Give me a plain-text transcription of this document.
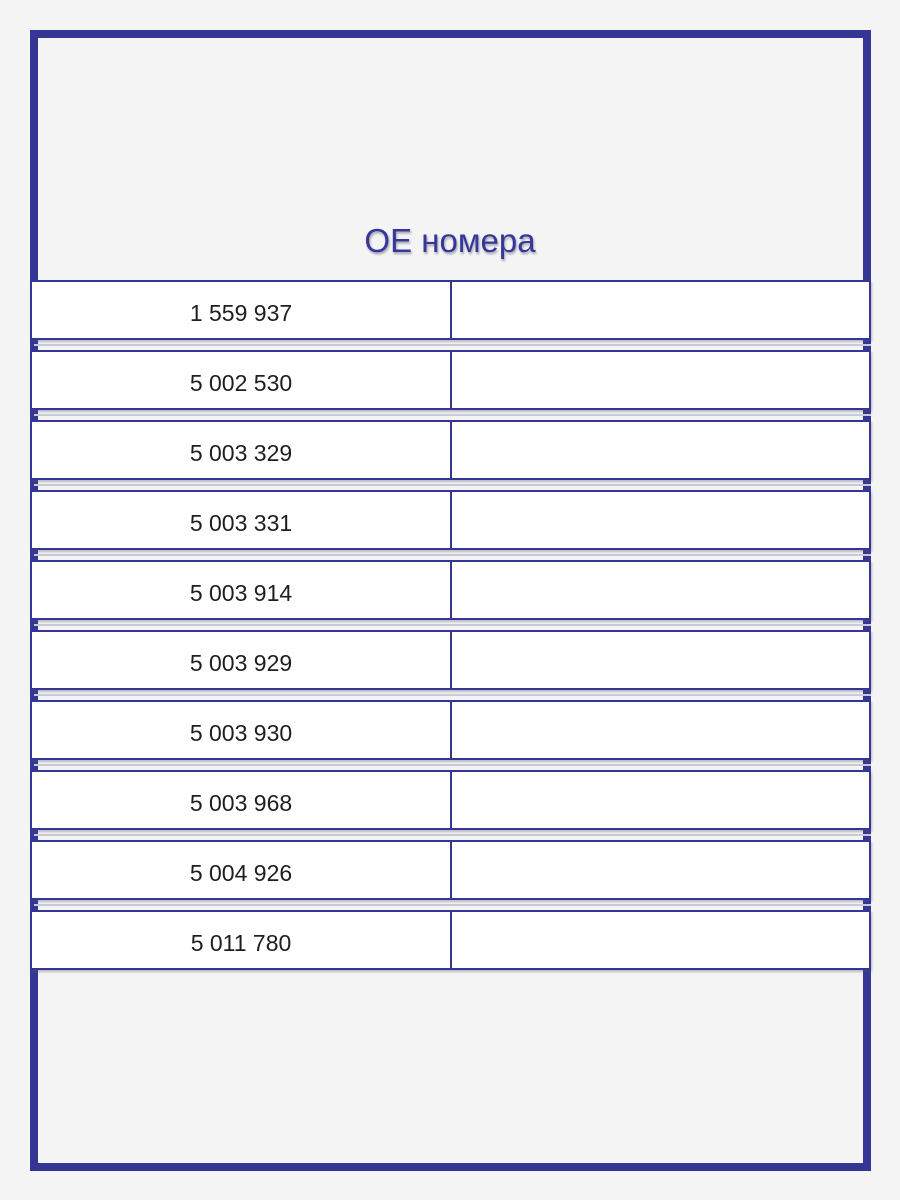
OE номера
1 559 937
5 002 530
5 003 329
5 003 331
5 003 914
5 003 929
5 003 930
5 003 968
5 004 926
5 011 780
